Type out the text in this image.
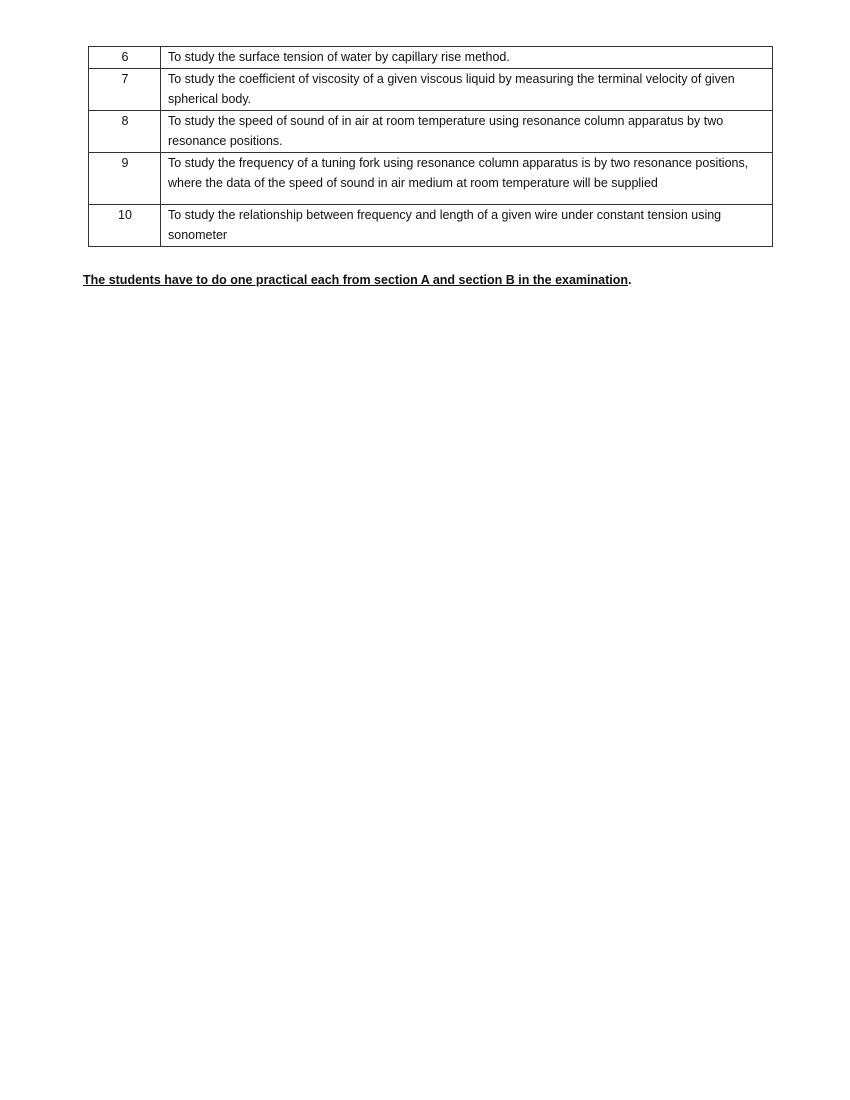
6	To study the surface tension of water by capillary rise method.
7	To study the coefficient of viscosity of a given viscous liquid by measuring the terminal velocity of given spherical body.
8	To study the speed of sound of in air at room temperature using resonance column apparatus by two resonance positions.
9	To study the frequency of a tuning fork using resonance column apparatus is by two resonance positions, where the data of the speed of sound in air medium at room temperature will be supplied
10	To study the relationship between frequency and length of a given wire under constant tension using sonometer

The students have to do one practical each from section A and section B in the examination.
